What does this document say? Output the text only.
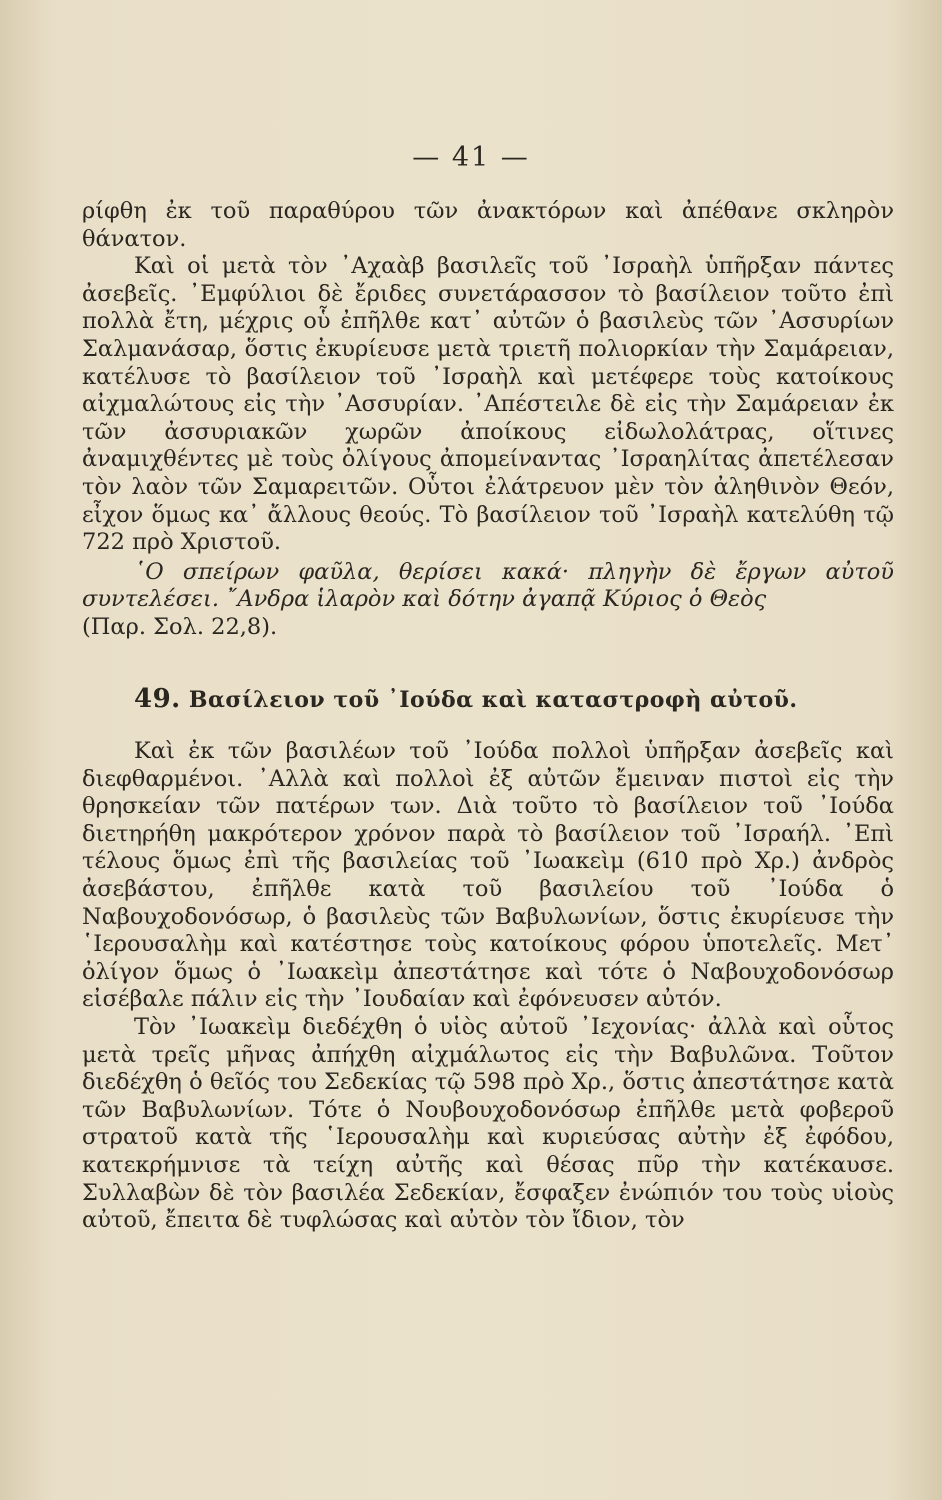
— 41 —

ρίφθη ἐκ τοῦ παραθύρου τῶν ἀνακτόρων καὶ ἀπέθανε σκληρὸν θάνατον.

Καὶ οἱ μετὰ τὸν ᾿Αχαὰβ βασιλεῖς τοῦ ᾿Ισραὴλ ὑπῆρξαν πάντες ἀσεβεῖς. ᾿Εμφύλιοι δὲ ἔριδες συνετάρασσον τὸ βασίλειον τοῦτο ἐπὶ πολλὰ ἔτη, μέχρις οὗ ἐπῆλθε κατ᾿ αὐτῶν ὁ βασιλεὺς τῶν ᾿Ασσυρίων Σαλμανάσαρ, ὅστις ἐκυρίευσε μετὰ τριετῆ πολιορκίαν τὴν Σαμάρειαν, κατέλυσε τὸ βασίλειον τοῦ ᾿Ισραὴλ καὶ μετέφερε τοὺς κατοίκους αἰχμαλώτους εἰς τὴν ᾿Ασσυρίαν. ᾿Απέστειλε δὲ εἰς τὴν Σαμάρειαν ἐκ τῶν ἀσσυριακῶν χωρῶν ἀποίκους εἰδωλολάτρας, οἵτινες ἀναμιχθέντες μὲ τοὺς ὀλίγους ἀπομείναντας ᾿Ισραηλίτας ἀπετέλεσαν τὸν λαὸν τῶν Σαμαρειτῶν. Οὗτοι ἐλάτρευον μὲν τὸν ἀληθινὸν Θεόν, εἶχον ὅμως κα᾿ ἄλλους θεούς. Τὸ βασίλειον τοῦ ᾿Ισραὴλ κατελύθη τῷ 722 πρὸ Χριστοῦ.

῾Ο σπείρων φαῦλα, θερίσει κακά· πληγὴν δὲ ἔργων αὐτοῦ συντελέσει. ῎Ανδρα ἱλαρὸν καὶ δότην ἀγαπᾷ Κύριος ὁ Θεὸς

(Παρ. Σολ. 22,8).

49. Βασίλειον τοῦ ᾿Ιούδα καὶ καταστροφὴ αὐτοῦ.

Καὶ ἐκ τῶν βασιλέων τοῦ ᾿Ιούδα πολλοὶ ὑπῆρξαν ἀσεβεῖς καὶ διεφθαρμένοι. ᾿Αλλὰ καὶ πολλοὶ ἐξ αὐτῶν ἔμειναν πιστοὶ εἰς τὴν θρησκείαν τῶν πατέρων των. Διὰ τοῦτο τὸ βασίλειον τοῦ ᾿Ιούδα διετηρήθη μακρότερον χρόνον παρὰ τὸ βασίλειον τοῦ ᾿Ισραήλ. ᾿Επὶ τέλους ὅμως ἐπὶ τῆς βασιλείας τοῦ ᾿Ιωακεὶμ (610 πρὸ Χρ.) ἀνδρὸς ἀσεβάστου, ἐπῆλθε κατὰ τοῦ βασιλείου τοῦ ᾿Ιούδα ὁ Ναβουχοδονόσωρ, ὁ βασιλεὺς τῶν Βαβυλωνίων, ὅστις ἐκυρίευσε τὴν ῾Ιερουσαλὴμ καὶ κατέστησε τοὺς κατοίκους φόρου ὑποτελεῖς. Μετ᾿ ὀλίγον ὅμως ὁ ᾿Ιωακεὶμ ἀπεστάτησε καὶ τότε ὁ Ναβουχοδονόσωρ εἰσέβαλε πάλιν εἰς τὴν ᾿Ιουδαίαν καὶ ἐφόνευσεν αὐτόν.

Τὸν ᾿Ιωακεὶμ διεδέχθη ὁ υἱὸς αὐτοῦ ᾿Ιεχονίας· ἀλλὰ καὶ οὗτος μετὰ τρεῖς μῆνας ἀπήχθη αἰχμάλωτος εἰς τὴν Βαβυλῶνα. Τοῦτον διεδέχθη ὁ θεῖός του Σεδεκίας τῷ 598 πρὸ Χρ., ὅστις ἀπεστάτησε κατὰ τῶν Βαβυλωνίων. Τότε ὁ Νουβουχοδονόσωρ ἐπῆλθε μετὰ φοβεροῦ στρατοῦ κατὰ τῆς ῾Ιερουσαλὴμ καὶ κυριεύσας αὐτὴν ἐξ ἐφόδου, κατεκρήμνισε τὰ τείχη αὐτῆς καὶ θέσας πῦρ τὴν κατέκαυσε. Συλλαβὼν δὲ τὸν βασιλέα Σεδεκίαν, ἔσφαξεν ἐνώπιόν του τοὺς υἱοὺς αὐτοῦ, ἔπειτα δὲ τυφλώσας καὶ αὐτὸν τὸν ἴδιον, τὸν
